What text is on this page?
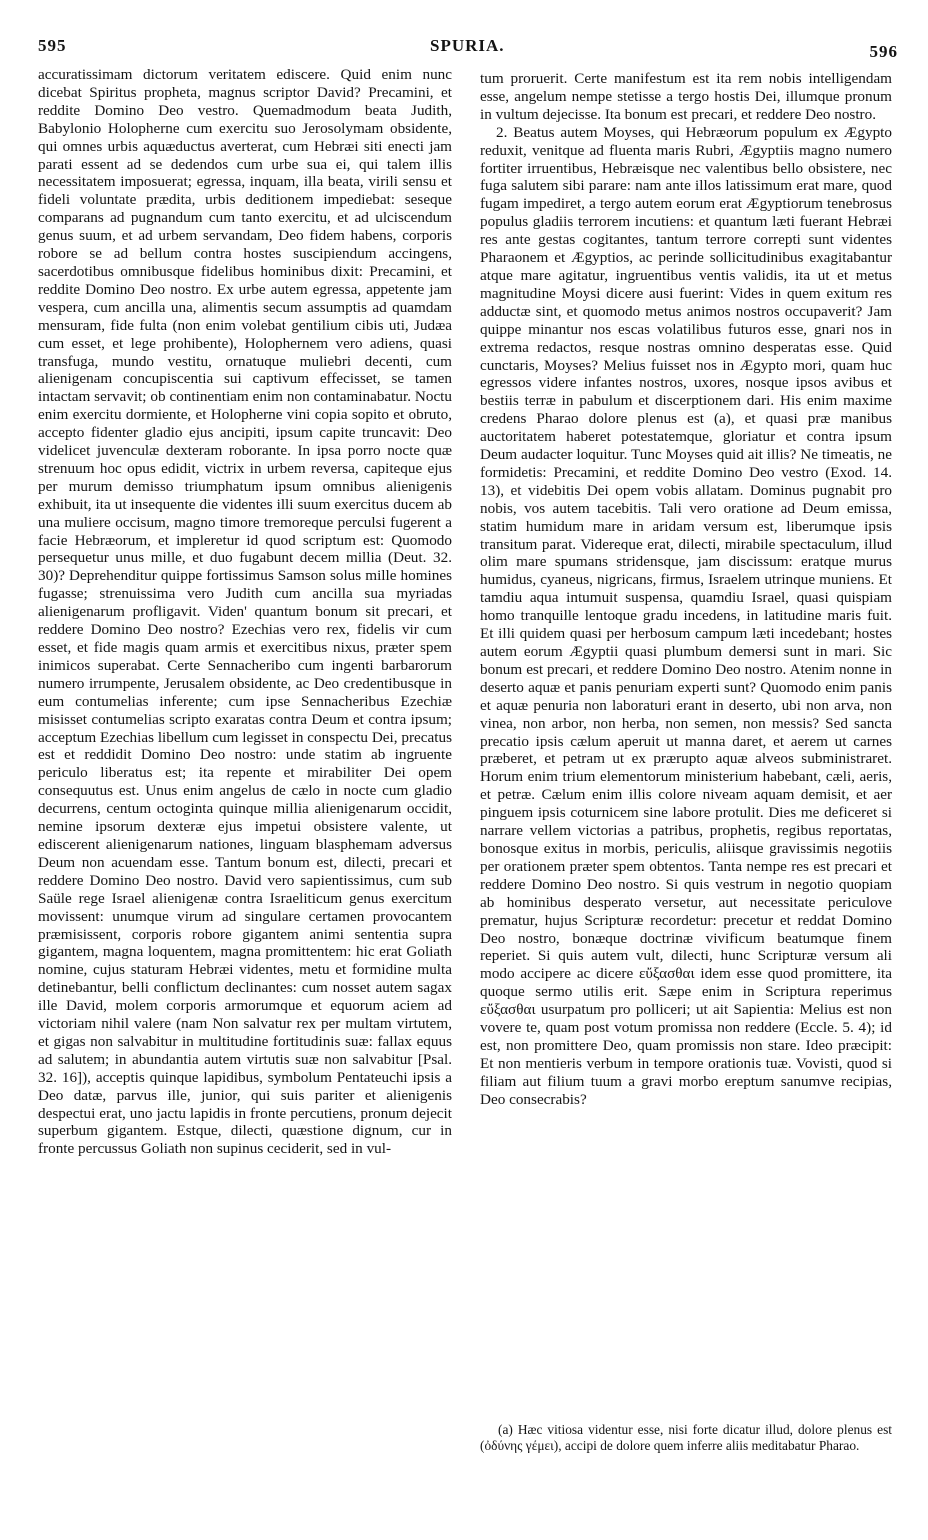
595	SPURIA.	596

accuratissimam dictorum veritatem ediscere. Quid enim nunc dicebat Spiritus propheta, magnus scriptor David? Precamini, et reddite Domino Deo vestro. Quemadmodum beata Judith, Babylonio Holopherne cum exercitu suo Jerosolymam obsidente, qui omnes urbis aquæductus averterat, cum Hebræi siti enecti jam parati essent ad se dedendos cum urbe sua ei, qui talem illis necessitatem imposuerat; egressa, inquam, illa beata, virili sensu et fideli voluntate prædita, urbis deditionem impediebat: seseque comparans ad pugnandum cum tanto exercitu, et ad ulciscendum genus suum, et ad urbem servandam, Deo fidem habens, corporis robore se ad bellum contra hostes suscipiendum accingens, sacerdotibus omnibusque fidelibus hominibus dixit: Precamini, et reddite Domino Deo nostro. Ex urbe autem egressa, appetente jam vespera, cum ancilla una, alimentis secum assumptis ad quamdam mensuram, fide fulta (non enim volebat gentilium cibis uti, Judæa cum esset, et lege prohibente), Holophernem vero adiens, quasi transfuga, mundo vestitu, ornatuque muliebri decenti, cum alienigenam concupiscentia sui captivum effecisset, se tamen intactam servavit; ob continentiam enim non contaminabatur. Noctu enim exercitu dormiente, et Holopherne vini copia sopito et obruto, accepto fidenter gladio ejus ancipiti, ipsum capite truncavit: Deo videlicet juvenculæ dexteram roborante. In ipsa porro nocte quæ strenuum hoc opus edidit, victrix in urbem reversa, capiteque ejus per murum demisso triumphatum ipsum omnibus alienigenis exhibuit, ita ut insequente die videntes illi suum exercitus ducem ab una muliere occisum, magno timore tremoreque perculsi fugerent a facie Hebræorum, et impleretur id quod scriptum est: Quomodo persequetur unus mille, et duo fugabunt decem millia (Deut. 32. 30)? Deprehenditur quippe fortissimus Samson solus mille homines fugasse; strenuissima vero Judith cum ancilla sua myriadas alienigenarum profligavit. Viden' quantum bonum sit precari, et reddere Domino Deo nostro? Ezechias vero rex, fidelis vir cum esset, et fide magis quam armis et exercitibus nixus, præter spem inimicos superabat. Certe Sennacheribo cum ingenti barbarorum numero irrumpente, Jerusalem obsidente, ac Deo credentibusque in eum contumelias inferente; cum ipse Sennacheribus Ezechiæ misisset contumelias scripto exaratas contra Deum et contra ipsum; acceptum Ezechias libellum cum legisset in conspectu Dei, precatus est et reddidit Domino Deo nostro: unde statim ab ingruente periculo liberatus est; ita repente et mirabiliter Dei opem consequutus est. Unus enim angelus de cælo in nocte cum gladio decurrens, centum octoginta quinque millia alienigenarum occidit, nemine ipsorum dexteræ ejus impetui obsistere valente, ut ediscerent alienigenarum nationes, linguam blasphemam adversus Deum non acuendam esse. Tantum bonum est, dilecti, precari et reddere Domino Deo nostro. David vero sapientissimus, cum sub Saüle rege Israel alienigenæ contra Israeliticum genus exercitum movissent: unumque virum ad singulare certamen provocantem præmisissent, corporis robore gigantem animi sententia supra gigantem, magna loquentem, magna promittentem: hic erat Goliath nomine, cujus staturam Hebræi videntes, metu et formidine multa detinebantur, belli conflictum declinantes: cum nosset autem sagax ille David, molem corporis armorumque et equorum aciem ad victoriam nihil valere (nam Non salvatur rex per multam virtutem, et gigas non salvabitur in multitudine fortitudinis suæ: fallax equus ad salutem; in abundantia autem virtutis suæ non salvabitur [Psal. 32. 16]), acceptis quinque lapidibus, symbolum Pentateuchi ipsis a Deo datæ, parvus ille, junior, qui suis pariter et alienigenis despectui erat, uno jactu lapidis in fronte percutiens, pronum dejecit superbum gigantem. Estque, dilecti, quæstione dignum, cur in fronte percussus Goliath non supinus ceciderit, sed in vul-

tum proruerit. Certe manifestum est ita rem nobis intelligendam esse, angelum nempe stetisse a tergo hostis Dei, illumque pronum in vultum dejecisse. Ita bonum est precari, et reddere Deo nostro.

2. Beatus autem Moyses, qui Hebræorum populum ex Ægypto reduxit, venitque ad fluenta maris Rubri, Ægyptiis magno numero fortiter irruentibus, Hebræisque nec valentibus bello obsistere, nec fuga salutem sibi parare: nam ante illos latissimum erat mare, quod fugam impediret, a tergo autem eorum erat Ægyptiorum tenebrosus populus gladiis terrorem incutiens: et quantum læti fuerant Hebræi res ante gestas cogitantes, tantum terrore correpti sunt videntes Pharaonem et Ægyptios, ac perinde sollicitudinibus exagitabantur atque mare agitatur, ingruentibus ventis validis, ita ut et metus magnitudine Moysi dicere ausi fuerint: Vides in quem exitum res adductæ sint, et quomodo metus animos nostros occupaverit? Jam quippe minantur nos escas volatilibus futuros esse, gnari nos in extrema redactos, resque nostras omnino desperatas esse. Quid cunctaris, Moyses? Melius fuisset nos in Ægypto mori, quam huc egressos videre infantes nostros, uxores, nosque ipsos avibus et bestiis terræ in pabulum et discerptionem dari. His enim maxime credens Pharao dolore plenus est (a), et quasi præ manibus auctoritatem haberet potestatemque, gloriatur et contra ipsum Deum audacter loquitur. Tunc Moyses quid ait illis? Ne timeatis, ne formidetis: Precamini, et reddite Domino Deo vestro (Exod. 14. 13), et videbitis Dei opem vobis allatam. Dominus pugnabit pro nobis, vos autem tacebitis. Tali vero oratione ad Deum emissa, statim humidum mare in aridam versum est, liberumque ipsis transitum parat. Videreque erat, dilecti, mirabile spectaculum, illud olim mare spumans stridensque, jam discissum: eratque murus humidus, cyaneus, nigricans, firmus, Israelem utrinque muniens. Et tamdiu aqua intumuit suspensa, quamdiu Israel, quasi quispiam homo tranquille lentoque gradu incedens, in latitudine maris fuit. Et illi quidem quasi per herbosum campum læti incedebant; hostes autem eorum Ægyptii quasi plumbum demersi sunt in mari. Sic bonum est precari, et reddere Domino Deo nostro. Atenim nonne in deserto aquæ et panis penuriam experti sunt? Quomodo enim panis et aquæ penuria non laboraturi erant in deserto, ubi non arva, non vinea, non arbor, non herba, non semen, non messis? Sed sancta precatio ipsis cælum aperuit ut manna daret, et aerem ut carnes præberet, et petram ut ex prærupto aquæ alveos subministraret. Horum enim trium elementorum ministerium habebant, cæli, aeris, et petræ. Cælum enim illis colore niveam aquam demisit, et aer pinguem ipsis coturnicem sine labore protulit. Dies me deficeret si narrare vellem victorias a patribus, prophetis, regibus reportatas, bonosque exitus in morbis, periculis, aliisque gravissimis negotiis per orationem præter spem obtentos. Tanta nempe res est precari et reddere Domino Deo nostro. Si quis vestrum in negotio quopiam ab hominibus desperato versetur, aut necessitate periculove prematur, hujus Scripturæ recordetur: precetur et reddat Domino Deo nostro, bonæque doctrinæ vivificum beatumque finem reperiet. Si quis autem vult, dilecti, hunc Scripturæ versum ali modo accipere ac dicere εὔξασθαι idem esse quod promittere, ita quoque sermo utilis erit. Sæpe enim in Scriptura reperimus εὔξασθαι usurpatum pro polliceri; ut ait Sapientia: Melius est non vovere te, quam post votum promissa non reddere (Eccle. 5. 4); id est, non promittere Deo, quam promissis non stare. Ideo præcipit: Et non mentieris verbum in tempore orationis tuæ. Vovisti, quod si filiam aut filium tuum a gravi morbo ereptum sanumve recipias, Deo consecrabis?

(a) Hæc vitiosa videntur esse, nisi forte dicatur illud, dolore plenus est (ὀδύνης γέμει), accipi de dolore quem inferre aliis meditabatur Pharao.
